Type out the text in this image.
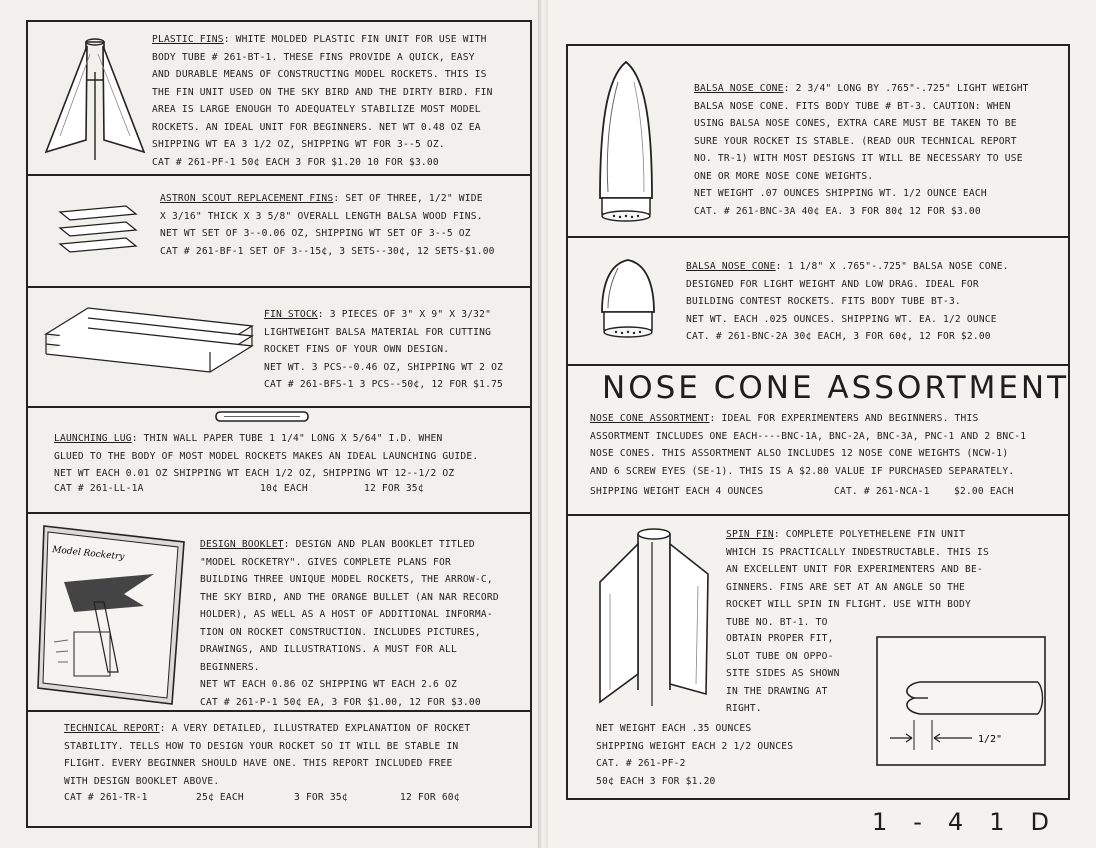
PLASTIC FINS: WHITE MOLDED PLASTIC FIN UNIT FOR USE WITH
BODY TUBE # 261-BT-1. THESE FINS PROVIDE A QUICK, EASY
AND DURABLE MEANS OF CONSTRUCTING MODEL ROCKETS. THIS IS
THE FIN UNIT USED ON THE SKY BIRD AND THE DIRTY BIRD. FIN
AREA IS LARGE ENOUGH TO ADEQUATELY STABILIZE MOST MODEL
ROCKETS. AN IDEAL UNIT FOR BEGINNERS. NET WT 0.48 OZ EA
SHIPPING WT EA 3 1/2 OZ, SHIPPING WT FOR 3--5 OZ.
CAT # 261-PF-1 50¢ EACH 3 FOR $1.20 10 FOR $3.00
ASTRON SCOUT REPLACEMENT FINS: SET OF THREE, 1/2" WIDE
X 3/16" THICK X 3 5/8" OVERALL LENGTH BALSA WOOD FINS.
NET WT SET OF 3--0.06 OZ, SHIPPING WT SET OF 3--5 OZ
CAT # 261-BF-1 SET OF 3--15¢, 3 SETS--30¢, 12 SETS-$1.00
FIN STOCK: 3 PIECES OF 3" X 9" X 3/32"
LIGHTWEIGHT BALSA MATERIAL FOR CUTTING
ROCKET FINS OF YOUR OWN DESIGN.
NET WT. 3 PCS--0.46 OZ, SHIPPING WT 2 OZ
CAT # 261-BFS-1 3 PCS--50¢, 12 FOR $1.75
LAUNCHING LUG: THIN WALL PAPER TUBE 1 1/4" LONG X 5/64" I.D. WHEN
GLUED TO THE BODY OF MOST MODEL ROCKETS MAKES AN IDEAL LAUNCHING GUIDE.
NET WT EACH 0.01 OZ SHIPPING WT EACH 1/2 OZ, SHIPPING WT 12--1/2 OZ
CAT # 261-LL-1A	10¢ EACH	12 FOR 35¢
Model Rocketry
DESIGN BOOKLET: DESIGN AND PLAN BOOKLET TITLED
"MODEL ROCKETRY". GIVES COMPLETE PLANS FOR
BUILDING THREE UNIQUE MODEL ROCKETS, THE ARROW-C,
THE SKY BIRD, AND THE ORANGE BULLET (AN NAR RECORD
HOLDER), AS WELL AS A HOST OF ADDITIONAL INFORMA-
TION ON ROCKET CONSTRUCTION. INCLUDES PICTURES,
DRAWINGS, AND ILLUSTRATIONS. A MUST FOR ALL
BEGINNERS.
NET WT EACH 0.86 OZ SHIPPING WT EACH 2.6 OZ
CAT # 261-P-1 50¢ EA, 3 FOR $1.00, 12 FOR $3.00
TECHNICAL REPORT: A VERY DETAILED, ILLUSTRATED EXPLANATION OF ROCKET
STABILITY. TELLS HOW TO DESIGN YOUR ROCKET SO IT WILL BE STABLE IN
FLIGHT. EVERY BEGINNER SHOULD HAVE ONE. THIS REPORT INCLUDED FREE
WITH DESIGN BOOKLET ABOVE.
CAT # 261-TR-1	25¢ EACH	3 FOR 35¢	12 FOR 60¢
BALSA NOSE CONE: 2 3/4" LONG BY .765"-.725" LIGHT WEIGHT
BALSA NOSE CONE. FITS BODY TUBE # BT-3. CAUTION: WHEN
USING BALSA NOSE CONES, EXTRA CARE MUST BE TAKEN TO BE
SURE YOUR ROCKET IS STABLE. (READ OUR TECHNICAL REPORT
NO. TR-1) WITH MOST DESIGNS IT WILL BE NECESSARY TO USE
ONE OR MORE NOSE CONE WEIGHTS.
NET WEIGHT .07 OUNCES SHIPPING WT. 1/2 OUNCE EACH
CAT. # 261-BNC-3A 40¢ EA. 3 FOR 80¢ 12 FOR $3.00
BALSA NOSE CONE: 1 1/8" X .765"-.725" BALSA NOSE CONE.
DESIGNED FOR LIGHT WEIGHT AND LOW DRAG. IDEAL FOR
BUILDING CONTEST ROCKETS. FITS BODY TUBE BT-3.
NET WT. EACH .025 OUNCES. SHIPPING WT. EA. 1/2 OUNCE
CAT. # 261-BNC-2A 30¢ EACH, 3 FOR 60¢, 12 FOR $2.00
NOSE CONE ASSORTMENT
NOSE CONE ASSORTMENT: IDEAL FOR EXPERIMENTERS AND BEGINNERS. THIS
ASSORTMENT INCLUDES ONE EACH----BNC-1A, BNC-2A, BNC-3A, PNC-1 AND 2 BNC-1
NOSE CONES. THIS ASSORTMENT ALSO INCLUDES 12 NOSE CONE WEIGHTS (NCW-1)
AND 6 SCREW EYES (SE-1). THIS IS A $2.80 VALUE IF PURCHASED SEPARATELY.
SHIPPING WEIGHT EACH 4 OUNCES	CAT. # 261-NCA-1	$2.00 EACH
SPIN FIN: COMPLETE POLYETHELENE FIN UNIT
WHICH IS PRACTICALLY INDESTRUCTABLE. THIS IS
AN EXCELLENT UNIT FOR EXPERIMENTERS AND BE-
GINNERS. FINS ARE SET AT AN ANGLE SO THE
ROCKET WILL SPIN IN FLIGHT. USE WITH BODY
TUBE NO. BT-1. TO
OBTAIN PROPER FIT,
SLOT TUBE ON OPPO-
SITE SIDES AS SHOWN
IN THE DRAWING AT
RIGHT.
1/2"
NET WEIGHT EACH .35 OUNCES
SHIPPING WEIGHT EACH 2 1/2 OUNCES
CAT. # 261-PF-2
50¢ EACH 3 FOR $1.20
1-41D
